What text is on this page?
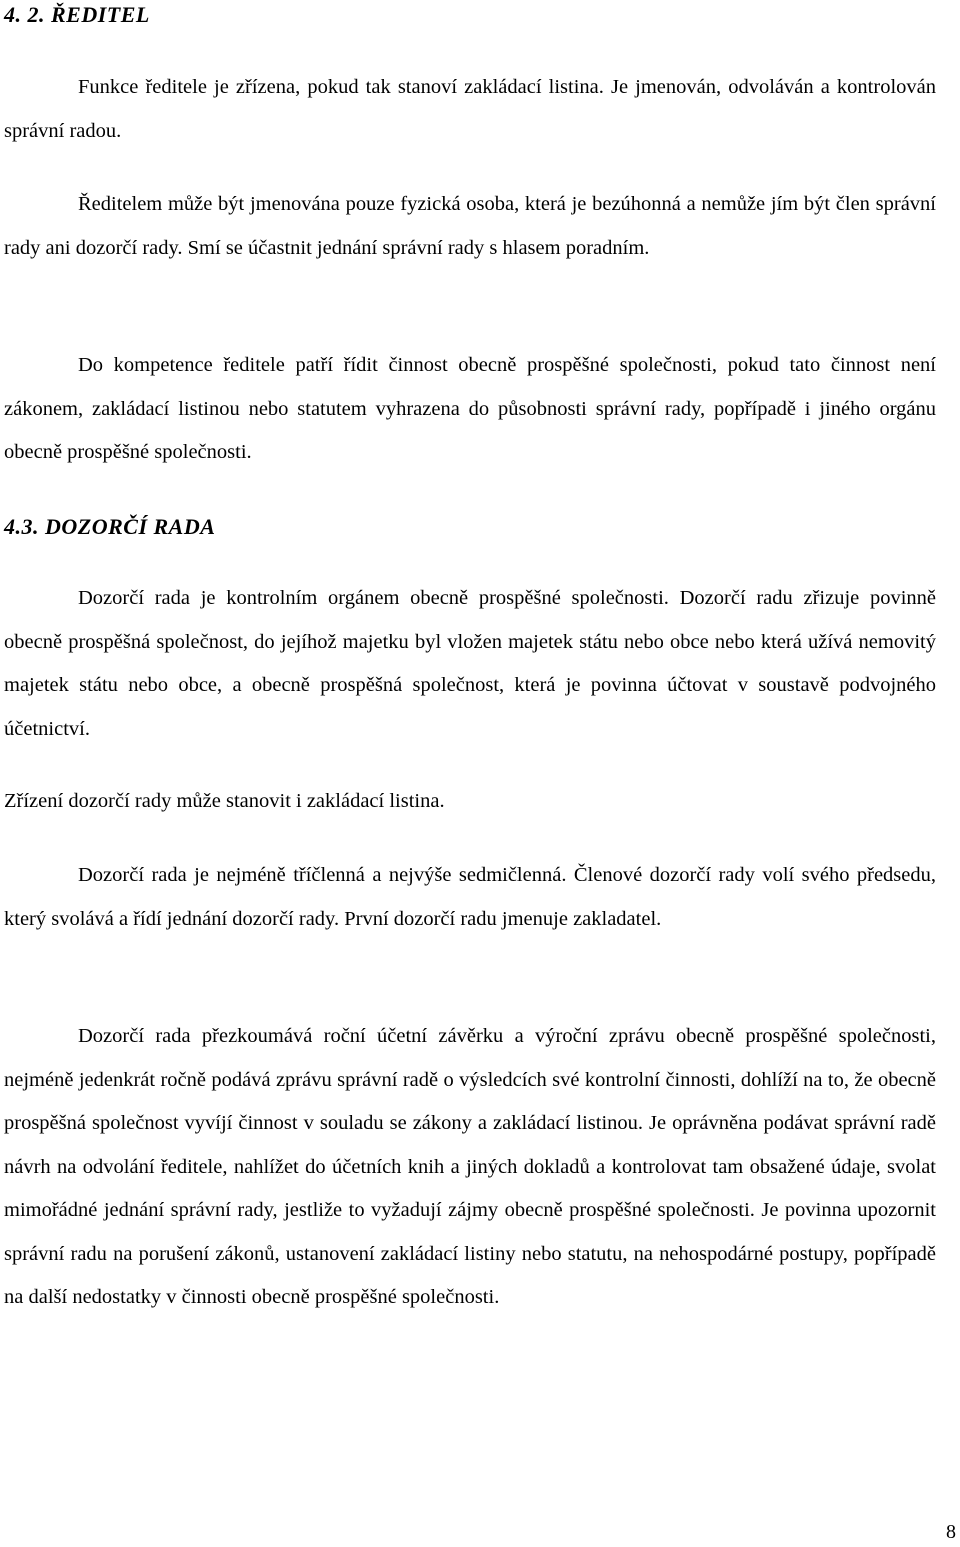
4. 2. ŘEDITEL

Funkce ředitele je zřízena, pokud tak stanoví zakládací listina. Je jmenován, odvoláván a kontrolován správní radou.

Ředitelem může být jmenována pouze fyzická osoba, která je bezúhonná a nemůže jím být člen správní rady ani dozorčí rady. Smí se účastnit jednání správní rady s hlasem poradním.

Do kompetence ředitele patří řídit činnost obecně prospěšné společnosti, pokud tato činnost není zákonem, zakládací listinou nebo statutem vyhrazena do působnosti správní rady, popřípadě i jiného orgánu obecně prospěšné společnosti.

4.3. DOZORČÍ RADA

Dozorčí rada je kontrolním orgánem obecně prospěšné společnosti. Dozorčí radu zřizuje povinně obecně prospěšná společnost, do jejíhož majetku byl vložen majetek státu nebo obce nebo která užívá nemovitý majetek státu nebo obce, a obecně prospěšná společnost, která je povinna účtovat v soustavě podvojného účetnictví.

Zřízení dozorčí rady může stanovit i zakládací listina.

Dozorčí rada je nejméně tříčlenná a nejvýše sedmičlenná. Členové dozorčí rady volí svého předsedu, který svolává a řídí jednání dozorčí rady. První dozorčí radu jmenuje zakladatel.

Dozorčí rada přezkoumává roční účetní závěrku a výroční zprávu obecně prospěšné společnosti, nejméně jedenkrát ročně podává zprávu správní radě o výsledcích své kontrolní činnosti, dohlíží na to, že obecně prospěšná společnost vyvíjí činnost v souladu se zákony a zakládací listinou. Je oprávněna podávat správní radě návrh na odvolání ředitele, nahlížet do účetních knih a jiných dokladů a kontrolovat tam obsažené údaje, svolat mimořádné jednání správní rady, jestliže to vyžadují zájmy obecně prospěšné společnosti. Je povinna upozornit správní radu na porušení zákonů, ustanovení zakládací listiny nebo statutu, na nehospodárné postupy, popřípadě na další nedostatky v činnosti obecně prospěšné společnosti.

8
